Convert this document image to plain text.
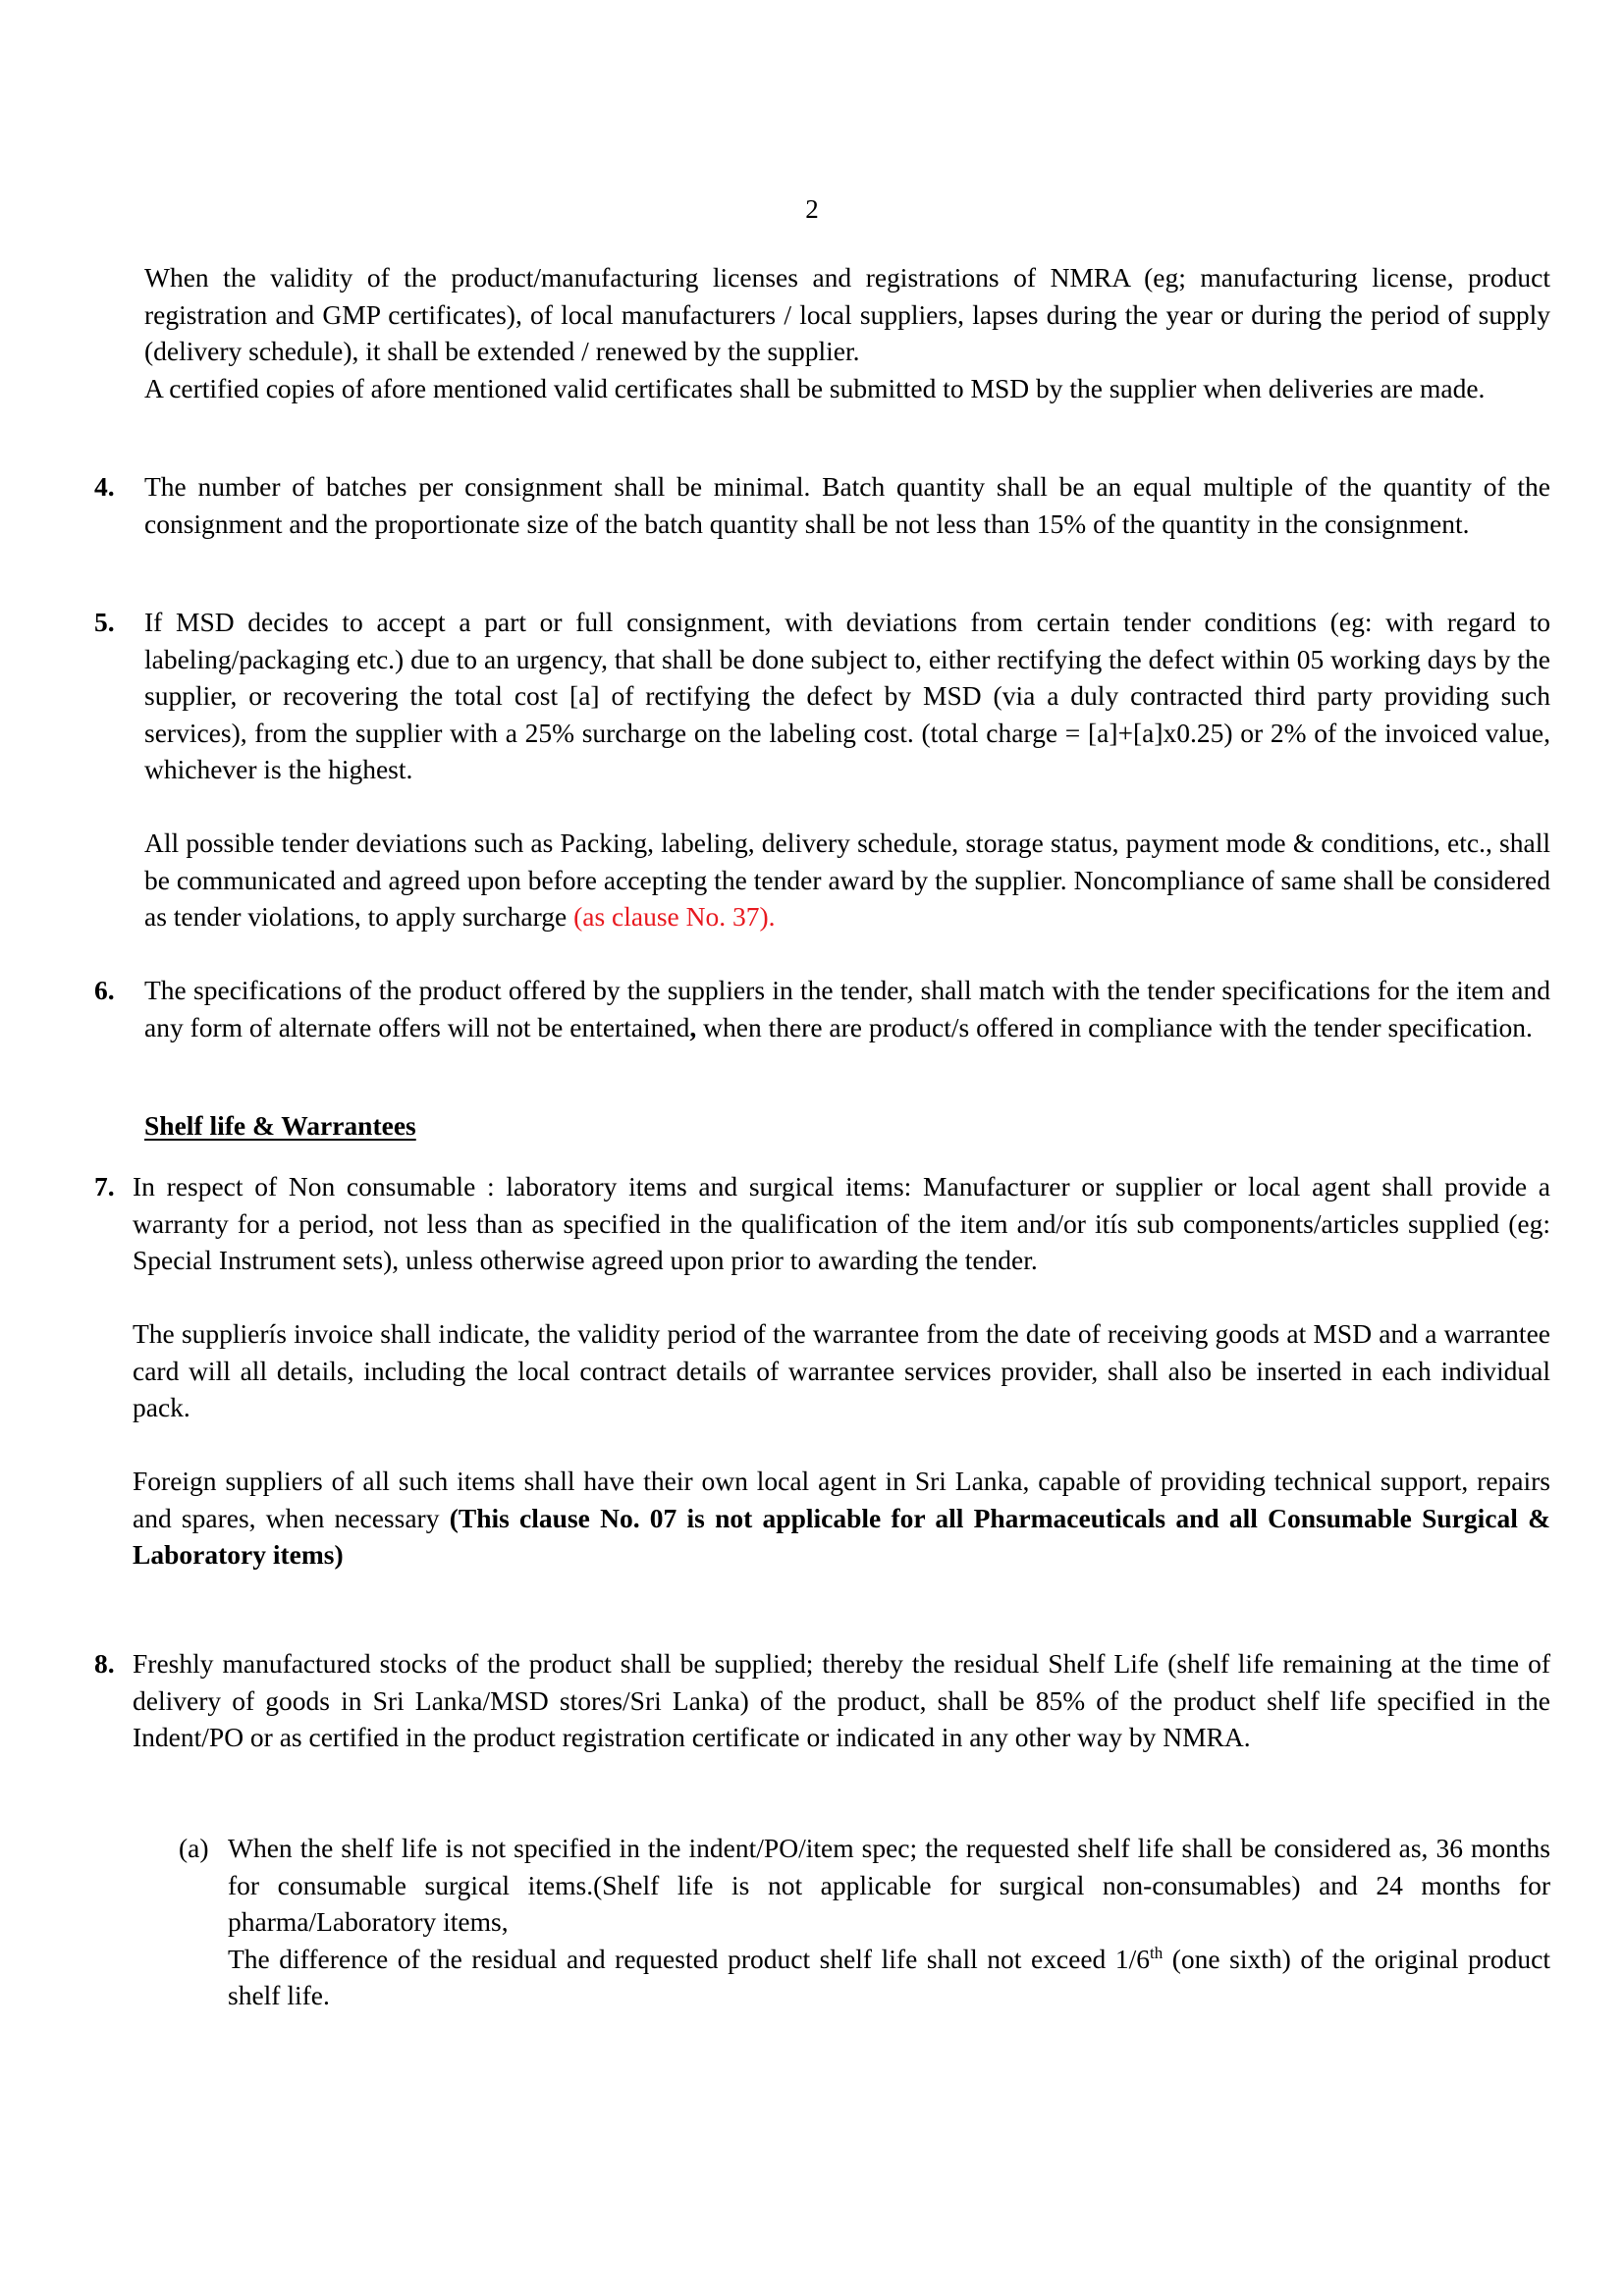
2

When the validity of the product/manufacturing licenses and registrations of NMRA (eg; manufacturing license, product registration and GMP certificates), of local manufacturers / local suppliers, lapses during the year or during the period of supply (delivery schedule), it shall be extended / renewed by the supplier.

A certified copies of afore mentioned valid certificates shall be submitted to MSD by the supplier when deliveries are made.

4. The number of batches per consignment shall be minimal. Batch quantity shall be an equal multiple of the quantity of the consignment and the proportionate size of the batch quantity shall be not less than 15% of the quantity in the consignment.

5. If MSD decides to accept a part or full consignment, with deviations from certain tender conditions (eg: with regard to labeling/packaging etc.) due to an urgency, that shall be done subject to, either rectifying the defect within 05 working days by the supplier, or recovering the total cost [a] of rectifying the defect by MSD (via a duly contracted third party providing such services), from the supplier with a 25% surcharge on the labeling cost. (total charge = [a]+[a]x0.25) or 2% of the invoiced value, whichever is the highest.

All possible tender deviations such as Packing, labeling, delivery schedule, storage status, payment mode & conditions, etc., shall be communicated and agreed upon before accepting the tender award by the supplier. Noncompliance of same shall be considered as tender violations, to apply surcharge (as clause No. 37).

6. The specifications of the product offered by the suppliers in the tender, shall match with the tender specifications for the item and any form of alternate offers will not be entertained, when there are product/s offered in compliance with the tender specification.

Shelf life & Warrantees
7. In respect of Non consumable : laboratory items and surgical items: Manufacturer or supplier or local agent shall provide a warranty for a period, not less than as specified in the qualification of the item and/or itís sub components/articles supplied (eg: Special Instrument sets), unless otherwise agreed upon prior to awarding the tender.

The supplierís invoice shall indicate, the validity period of the warrantee from the date of receiving goods at MSD and a warrantee card will all details, including the local contract details of warrantee services provider, shall also be inserted in each individual pack.

Foreign suppliers of all such items shall have their own local agent in Sri Lanka, capable of providing technical support, repairs and spares, when necessary (This clause No. 07 is not applicable for all Pharmaceuticals and all Consumable Surgical & Laboratory items)

8. Freshly manufactured stocks of the product shall be supplied; thereby the residual Shelf Life (shelf life remaining at the time of delivery of goods in Sri Lanka/MSD stores/Sri Lanka) of the product, shall be 85% of the product shelf life specified in the Indent/PO or as certified in the product registration certificate or indicated in any other way by NMRA.

(a) When the shelf life is not specified in the indent/PO/item spec; the requested shelf life shall be considered as, 36 months for consumable surgical items.(Shelf life is not applicable for surgical non-consumables) and 24 months for pharma/Laboratory items,

The difference of the residual and requested product shelf life shall not exceed 1/6th (one sixth) of the original product shelf life.
